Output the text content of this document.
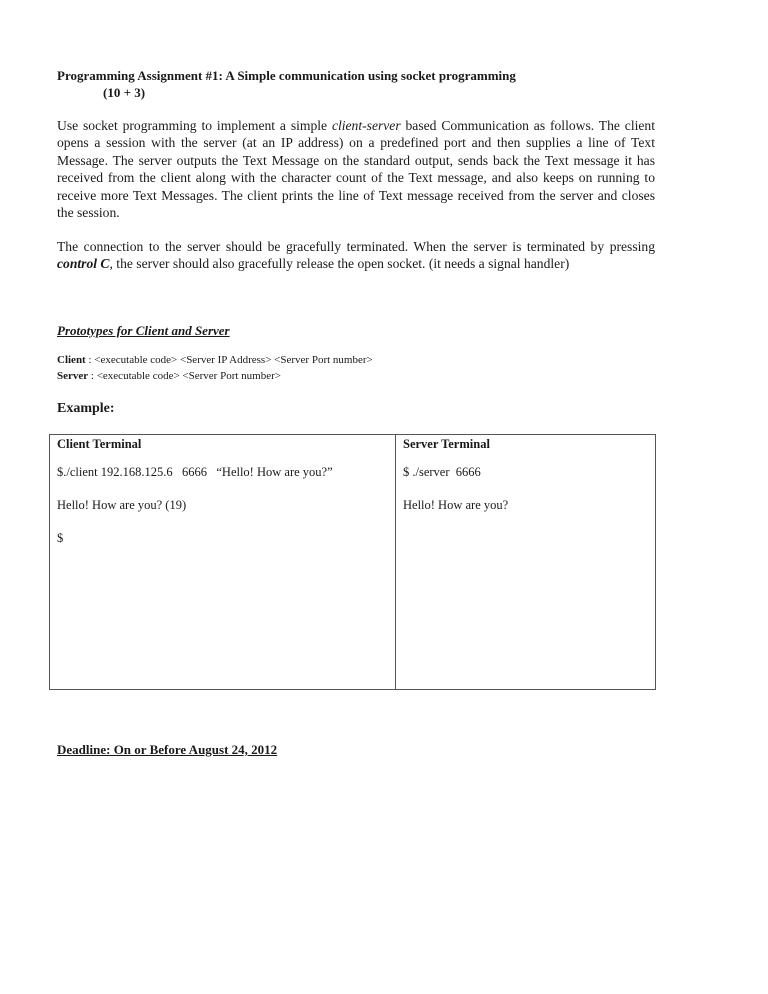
Programming Assignment #1: A Simple communication using socket programming
(10 + 3)
Use socket programming to implement a simple client-server based Communication as follows. The client opens a session with the server (at an IP address) on a predefined port and then supplies a line of Text Message. The server outputs the Text Message on the standard output, sends back the Text message it has received from the client along with the character count of the Text message, and also keeps on running to receive more Text Messages. The client prints the line of Text message received from the server and closes the session.
The connection to the server should be gracefully terminated. When the server is terminated by pressing control C, the server should also gracefully release the open socket. (it needs a signal handler)
Prototypes for Client and Server
Client : <executable code> <Server IP Address> <Server Port number>
Server : <executable code> <Server Port number>
Example:
Client Terminal
$./client 192.168.125.6   6666   “Hello! How are you?”
Hello! How are you? (19)
$
Server Terminal
$ ./server  6666
Hello! How are you?
Deadline: On or Before August 24, 2012
